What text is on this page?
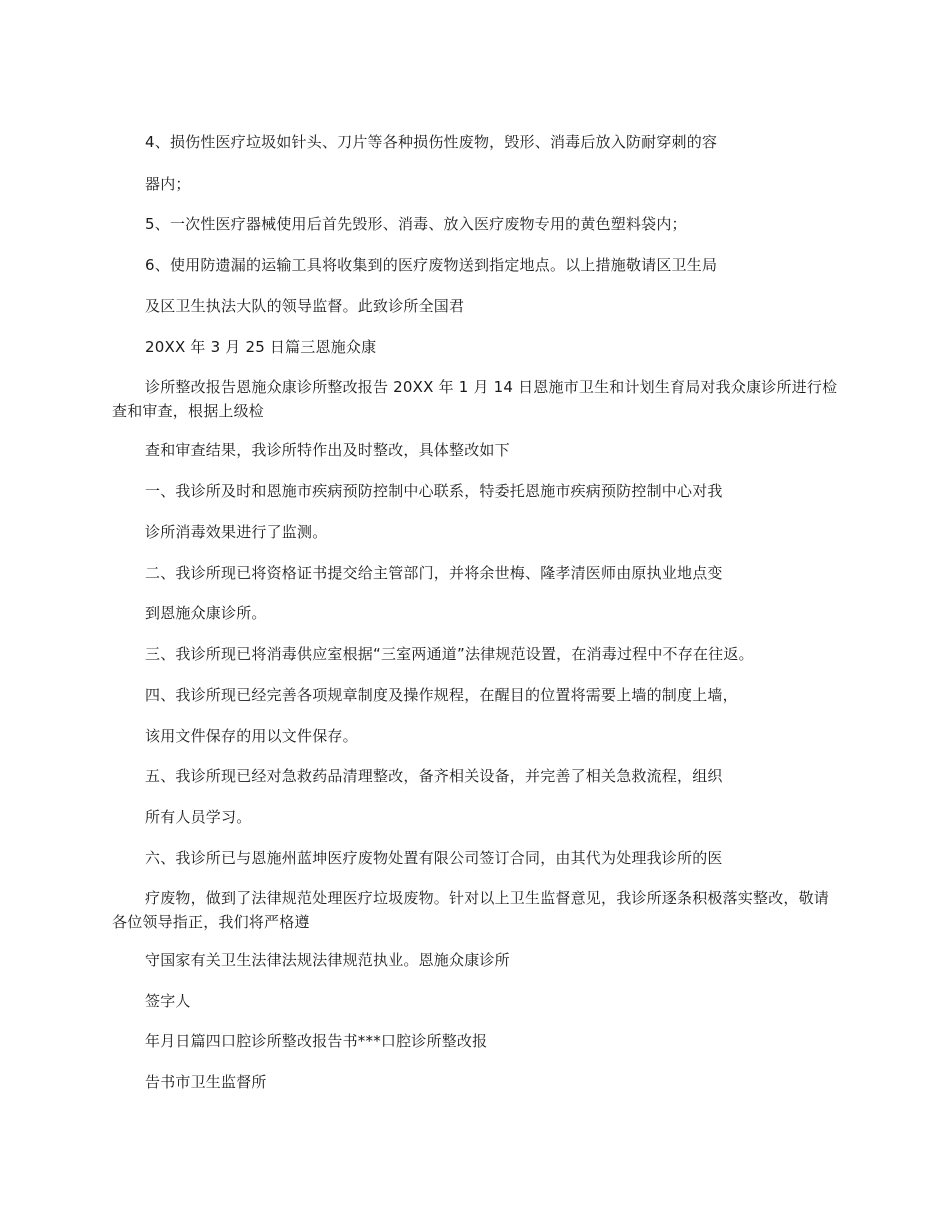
4、损伤性医疗垃圾如针头、刀片等各种损伤性废物，毁形、消毒后放入防耐穿刺的容
器内；
5、一次性医疗器械使用后首先毁形、消毒、放入医疗废物专用的黄色塑料袋内；
6、使用防遗漏的运输工具将收集到的医疗废物送到指定地点。以上措施敬请区卫生局
及区卫生执法大队的领导监督。此致诊所全国君
20XX 年 3 月 25 日篇三恩施众康
诊所整改报告恩施众康诊所整改报告 20XX 年 1 月 14 日恩施市卫生和计划生育局对我众康诊所进行检查和审查，根据上级检
查和审查结果，我诊所特作出及时整改，具体整改如下
一、我诊所及时和恩施市疾病预防控制中心联系，特委托恩施市疾病预防控制中心对我
诊所消毒效果进行了监测。
二、我诊所现已将资格证书提交给主管部门，并将余世梅、隆孝清医师由原执业地点变
到恩施众康诊所。
三、我诊所现已将消毒供应室根据“三室两通道”法律规范设置，在消毒过程中不存在往返。
四、我诊所现已经完善各项规章制度及操作规程，在醒目的位置将需要上墙的制度上墙，
该用文件保存的用以文件保存。
五、我诊所现已经对急救药品清理整改，备齐相关设备，并完善了相关急救流程，组织
所有人员学习。
六、我诊所已与恩施州蓝坤医疗废物处置有限公司签订合同，由其代为处理我诊所的医
疗废物，做到了法律规范处理医疗垃圾废物。针对以上卫生监督意见，我诊所逐条积极落实整改，敬请各位领导指正，我们将严格遵
守国家有关卫生法律法规法律规范执业。恩施众康诊所
签字人
年月日篇四口腔诊所整改报告书***口腔诊所整改报
告书市卫生监督所
